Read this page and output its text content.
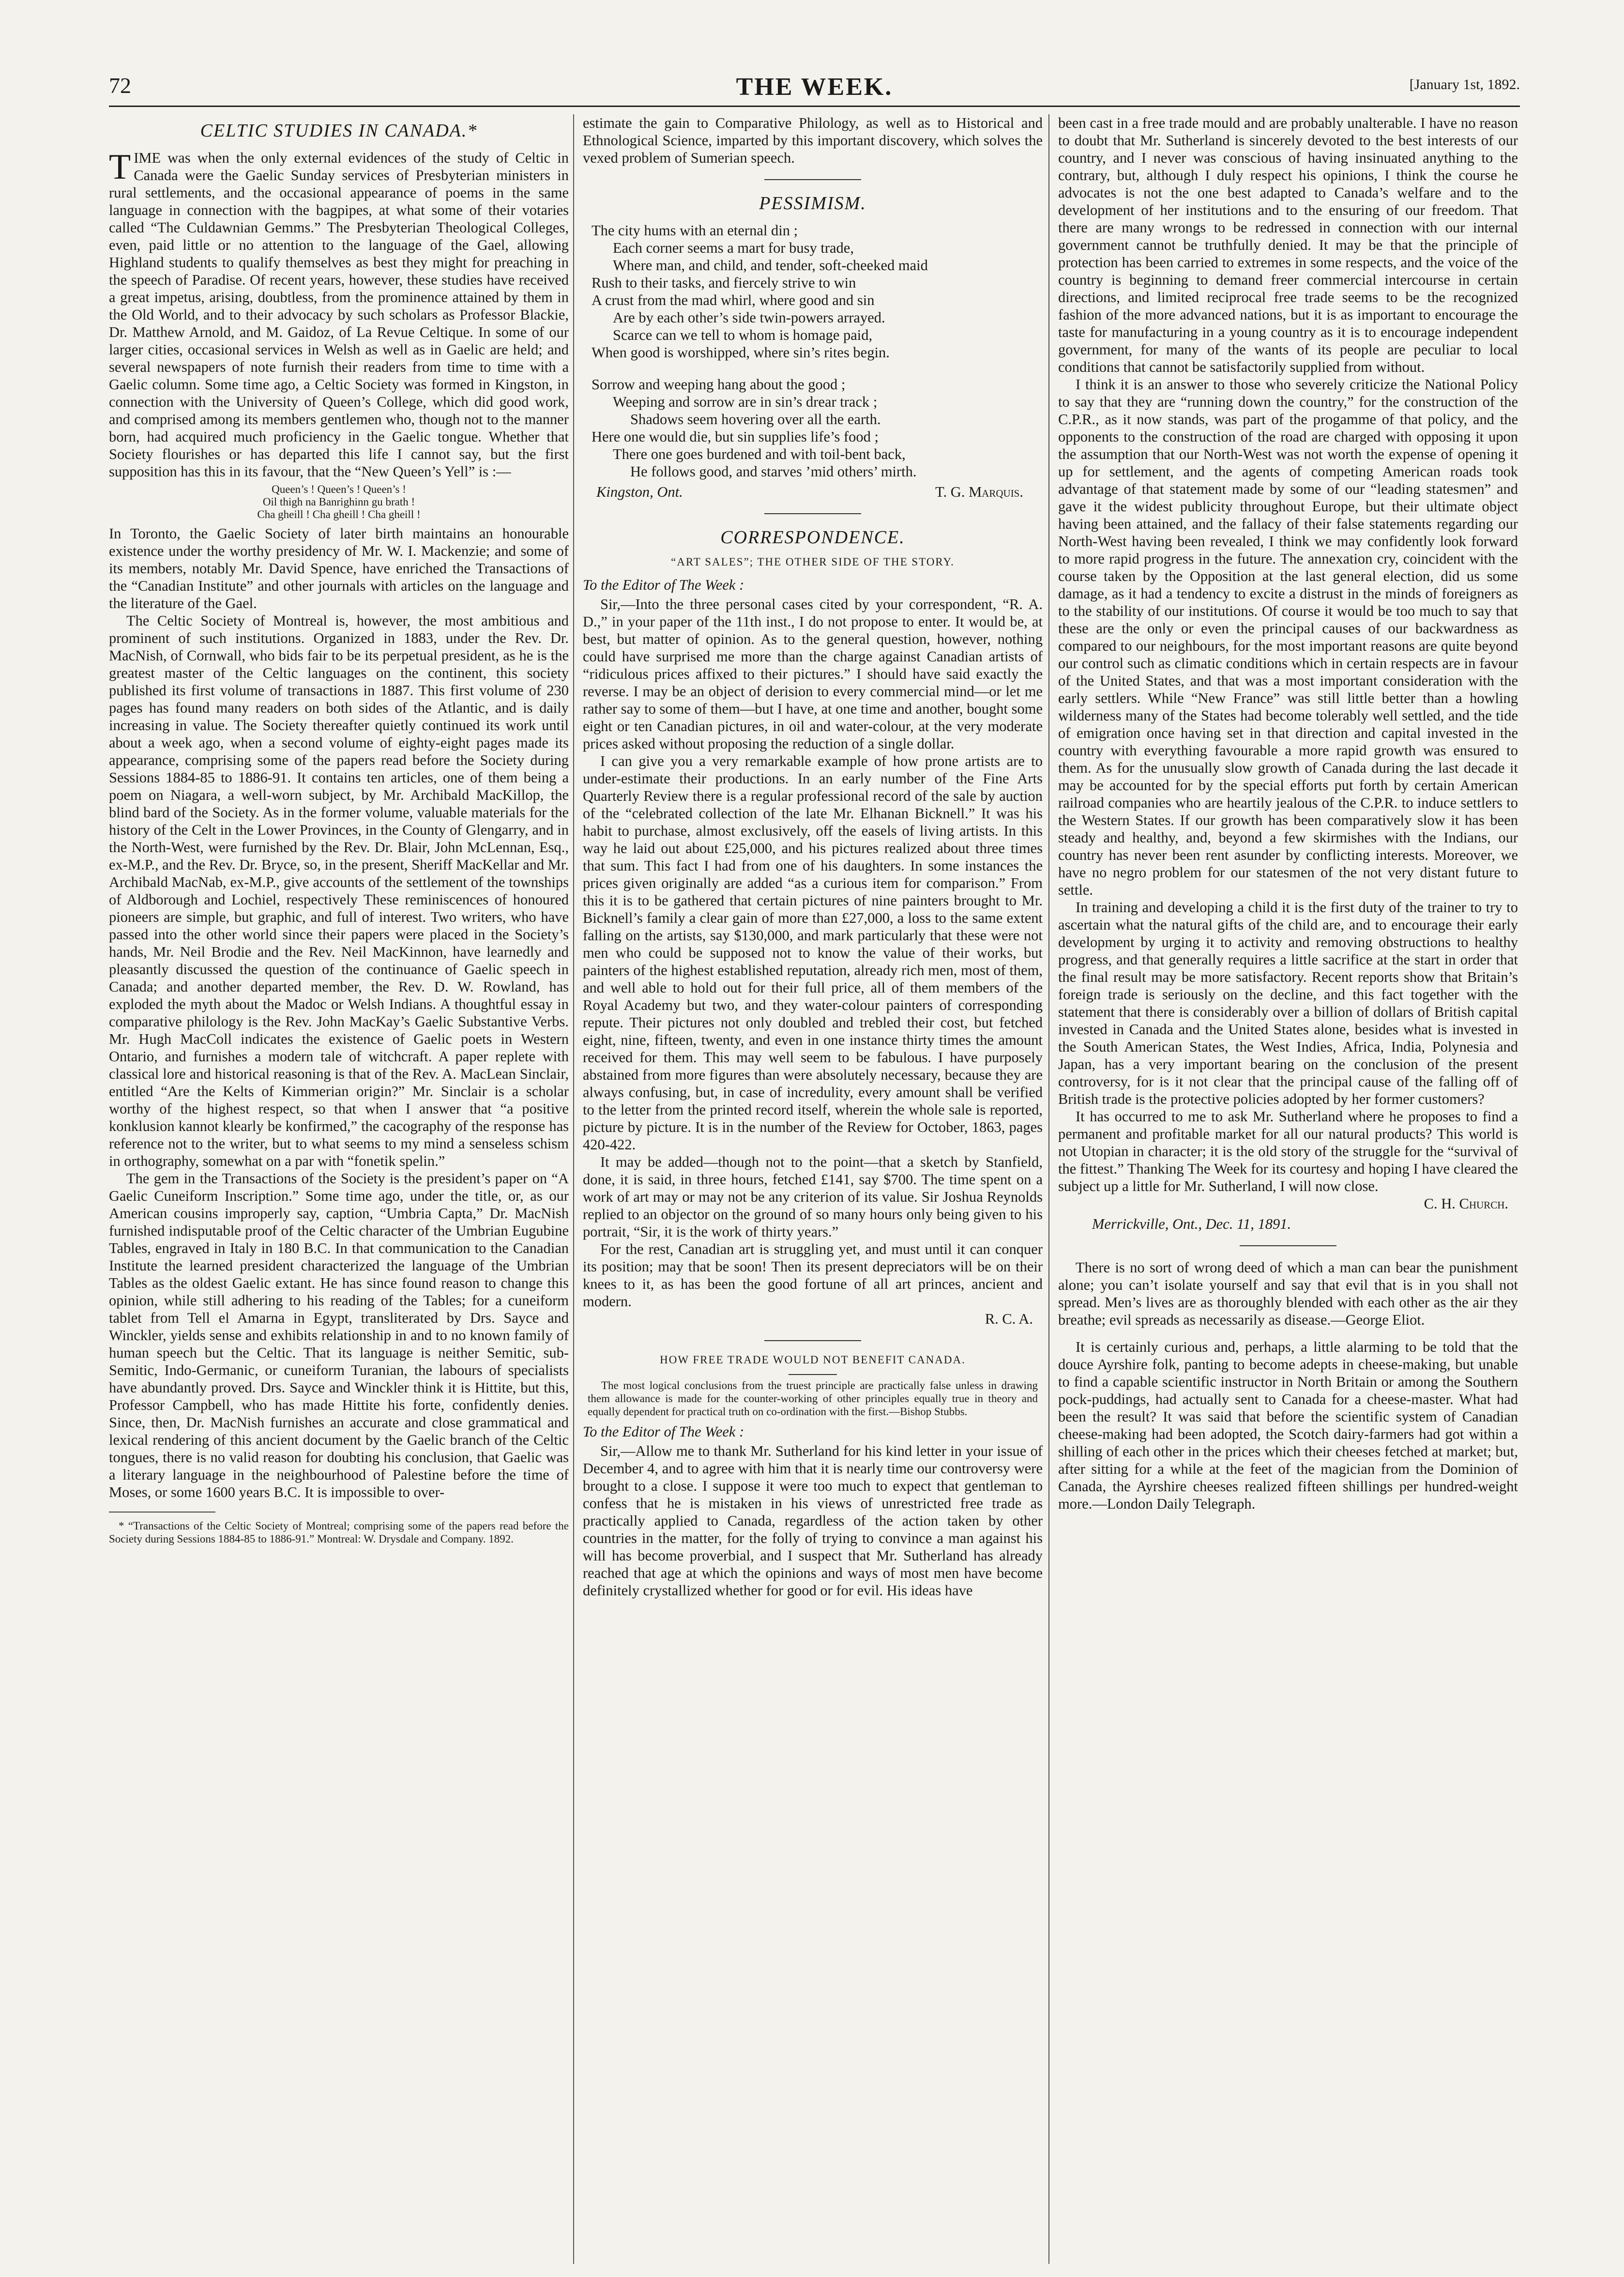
72	THE WEEK.	[January 1st, 1892.
CELTIC STUDIES IN CANADA.*

TIME was when the only external evidences of the study of Celtic in Canada were the Gaelic Sunday services of Presbyterian ministers in rural settlements, and the occasional appearance of poems in the same language in connection with the bagpipes, at what some of their votaries called “The Culdawnian Gemms.” The Presbyterian Theological Colleges, even, paid little or no attention to the language of the Gael, allowing Highland students to qualify themselves as best they might for preaching in the speech of Paradise. Of recent years, however, these studies have received a great impetus, arising, doubtless, from the prominence attained by them in the Old World, and to their advocacy by such scholars as Professor Blackie, Dr. Matthew Arnold, and M. Gaidoz, of La Revue Celtique. In some of our larger cities, occasional services in Welsh as well as in Gaelic are held; and several newspapers of note furnish their readers from time to time with a Gaelic column. Some time ago, a Celtic Society was formed in Kingston, in connection with the University of Queen’s College, which did good work, and comprised among its members gentlemen who, though not to the manner born, had acquired much proficiency in the Gaelic tongue. Whether that Society flourishes or has departed this life I cannot say, but the first supposition has this in its favour, that the “New Queen’s Yell” is :—

Queen’s ! Queen’s ! Queen’s !
Oil thigh na Banrighinn gu brath !
Cha gheill ! Cha gheill ! Cha gheill !

In Toronto, the Gaelic Society of later birth maintains an honourable existence under the worthy presidency of Mr. W. I. Mackenzie; and some of its members, notably Mr. David Spence, have enriched the Transactions of the “Canadian Institute” and other journals with articles on the language and the literature of the Gael.

The Celtic Society of Montreal is, however, the most ambitious and prominent of such institutions. Organized in 1883, under the Rev. Dr. MacNish, of Cornwall, who bids fair to be its perpetual president, as he is the greatest master of the Celtic languages on the continent, this society published its first volume of transactions in 1887. This first volume of 230 pages has found many readers on both sides of the Atlantic, and is daily increasing in value. The Society thereafter quietly continued its work until about a week ago, when a second volume of eighty-eight pages made its appearance, comprising some of the papers read before the Society during Sessions 1884-85 to 1886-91. It contains ten articles, one of them being a poem on Niagara, a well-worn subject, by Mr. Archibald MacKillop, the blind bard of the Society. As in the former volume, valuable materials for the history of the Celt in the Lower Provinces, in the County of Glengarry, and in the North-West, were furnished by the Rev. Dr. Blair, John McLennan, Esq., ex-M.P., and the Rev. Dr. Bryce, so, in the present, Sheriff MacKellar and Mr. Archibald MacNab, ex-M.P., give accounts of the settlement of the townships of Aldborough and Lochiel, respectively These reminiscences of honoured pioneers are simple, but graphic, and full of interest. Two writers, who have passed into the other world since their papers were placed in the Society’s hands, Mr. Neil Brodie and the Rev. Neil MacKinnon, have learnedly and pleasantly discussed the question of the continuance of Gaelic speech in Canada; and another departed member, the Rev. D. W. Rowland, has exploded the myth about the Madoc or Welsh Indians. A thoughtful essay in comparative philology is the Rev. John MacKay’s Gaelic Substantive Verbs. Mr. Hugh MacColl indicates the existence of Gaelic poets in Western Ontario, and furnishes a modern tale of witchcraft. A paper replete with classical lore and historical reasoning is that of the Rev. A. MacLean Sinclair, entitled “Are the Kelts of Kimmerian origin?” Mr. Sinclair is a scholar worthy of the highest respect, so that when I answer that “a positive konklusion kannot klearly be konfirmed,” the cacography of the response has reference not to the writer, but to what seems to my mind a senseless schism in orthography, somewhat on a par with “fonetik spelin.”

The gem in the Transactions of the Society is the president’s paper on “A Gaelic Cuneiform Inscription.” Some time ago, under the title, or, as our American cousins improperly say, caption, “Umbria Capta,” Dr. MacNish furnished indisputable proof of the Celtic character of the Umbrian Eugubine Tables, engraved in Italy in 180 B.C. In that communication to the Canadian Institute the learned president characterized the language of the Umbrian Tables as the oldest Gaelic extant. He has since found reason to change this opinion, while still adhering to his reading of the Tables; for a cuneiform tablet from Tell el Amarna in Egypt, transliterated by Drs. Sayce and Winckler, yields sense and exhibits relationship in and to no known family of human speech but the Celtic. That its language is neither Semitic, sub-Semitic, Indo-Germanic, or cuneiform Turanian, the labours of specialists have abundantly proved. Drs. Sayce and Winckler think it is Hittite, but this, Professor Campbell, who has made Hittite his forte, confidently denies. Since, then, Dr. MacNish furnishes an accurate and close grammatical and lexical rendering of this ancient document by the Gaelic branch of the Celtic tongues, there is no valid reason for doubting his conclusion, that Gaelic was a literary language in the neighbourhood of Palestine before the time of Moses, or some 1600 years B.C. It is impossible to over-

* “Transactions of the Celtic Society of Montreal; comprising some of the papers read before the Society during Sessions 1884-85 to 1886-91.” Montreal: W. Drysdale and Company. 1892.

estimate the gain to Comparative Philology, as well as to Historical and Ethnological Science, imparted by this important discovery, which solves the vexed problem of Sumerian speech.

PESSIMISM.
The city hums with an eternal din ;
Each corner seems a mart for busy trade,
Where man, and child, and tender, soft-cheeked maid
Rush to their tasks, and fiercely strive to win
A crust from the mad whirl, where good and sin
Are by each other’s side twin-powers arrayed.
Scarce can we tell to whom is homage paid,
When good is worshipped, where sin’s rites begin.
Sorrow and weeping hang about the good ;
Weeping and sorrow are in sin’s drear track ;
Shadows seem hovering over all the earth.
Here one would die, but sin supplies life’s food ;
There one goes burdened and with toil-bent back,
He follows good, and starves ’mid others’ mirth.
Kingston, Ont.	T. G. Marquis.
CORRESPONDENCE.
“ART SALES”; THE OTHER SIDE OF THE STORY.
To the Editor of The Week :

Sir,—Into the three personal cases cited by your correspondent, “R. A. D.,” in your paper of the 11th inst., I do not propose to enter. It would be, at best, but matter of opinion. As to the general question, however, nothing could have surprised me more than the charge against Canadian artists of “ridiculous prices affixed to their pictures.” I should have said exactly the reverse. I may be an object of derision to every commercial mind—or let me rather say to some of them—but I have, at one time and another, bought some eight or ten Canadian pictures, in oil and water-colour, at the very moderate prices asked without proposing the reduction of a single dollar.

I can give you a very remarkable example of how prone artists are to under-estimate their productions. In an early number of the Fine Arts Quarterly Review there is a regular professional record of the sale by auction of the “celebrated collection of the late Mr. Elhanan Bicknell.” It was his habit to purchase, almost exclusively, off the easels of living artists. In this way he laid out about £25,000, and his pictures realized about three times that sum. This fact I had from one of his daughters. In some instances the prices given originally are added “as a curious item for comparison.” From this it is to be gathered that certain pictures of nine painters brought to Mr. Bicknell’s family a clear gain of more than £27,000, a loss to the same extent falling on the artists, say $130,000, and mark particularly that these were not men who could be supposed not to know the value of their works, but painters of the highest established reputation, already rich men, most of them, and well able to hold out for their full price, all of them members of the Royal Academy but two, and they water-colour painters of corresponding repute. Their pictures not only doubled and trebled their cost, but fetched eight, nine, fifteen, twenty, and even in one instance thirty times the amount received for them. This may well seem to be fabulous. I have purposely abstained from more figures than were absolutely necessary, because they are always confusing, but, in case of incredulity, every amount shall be verified to the letter from the printed record itself, wherein the whole sale is reported, picture by picture. It is in the number of the Review for October, 1863, pages 420-422.

It may be added—though not to the point—that a sketch by Stanfield, done, it is said, in three hours, fetched £141, say $700. The time spent on a work of art may or may not be any criterion of its value. Sir Joshua Reynolds replied to an objector on the ground of so many hours only being given to his portrait, “Sir, it is the work of thirty years.”

For the rest, Canadian art is struggling yet, and must until it can conquer its position; may that be soon! Then its present depreciators will be on their knees to it, as has been the good fortune of all art princes, ancient and modern.

R. C. A.
HOW FREE TRADE WOULD NOT BENEFIT CANADA.
The most logical conclusions from the truest principle are practically false unless in drawing them allowance is made for the counter-working of other principles equally true in theory and equally dependent for practical truth on co-ordination with the first.—Bishop Stubbs.
To the Editor of The Week :

Sir,—Allow me to thank Mr. Sutherland for his kind letter in your issue of December 4, and to agree with him that it is nearly time our controversy were brought to a close. I suppose it were too much to expect that gentleman to confess that he is mistaken in his views of unrestricted free trade as practically applied to Canada, regardless of the action taken by other countries in the matter, for the folly of trying to convince a man against his will has become proverbial, and I suspect that Mr. Sutherland has already reached that age at which the opinions and ways of most men have become definitely crystallized whether for good or for evil. His ideas have

been cast in a free trade mould and are probably unalterable. I have no reason to doubt that Mr. Sutherland is sincerely devoted to the best interests of our country, and I never was conscious of having insinuated anything to the contrary, but, although I duly respect his opinions, I think the course he advocates is not the one best adapted to Canada’s welfare and to the development of her institutions and to the ensuring of our freedom. That there are many wrongs to be redressed in connection with our internal government cannot be truthfully denied. It may be that the principle of protection has been carried to extremes in some respects, and the voice of the country is beginning to demand freer commercial intercourse in certain directions, and limited reciprocal free trade seems to be the recognized fashion of the more advanced nations, but it is as important to encourage the taste for manufacturing in a young country as it is to encourage independent government, for many of the wants of its people are peculiar to local conditions that cannot be satisfactorily supplied from without.

I think it is an answer to those who severely criticize the National Policy to say that they are “running down the country,” for the construction of the C.P.R., as it now stands, was part of the progamme of that policy, and the opponents to the construction of the road are charged with opposing it upon the assumption that our North-West was not worth the expense of opening it up for settlement, and the agents of competing American roads took advantage of that statement made by some of our “leading statesmen” and gave it the widest publicity throughout Europe, but their ultimate object having been attained, and the fallacy of their false statements regarding our North-West having been revealed, I think we may confidently look forward to more rapid progress in the future. The annexation cry, coincident with the course taken by the Opposition at the last general election, did us some damage, as it had a tendency to excite a distrust in the minds of foreigners as to the stability of our institutions. Of course it would be too much to say that these are the only or even the principal causes of our backwardness as compared to our neighbours, for the most important reasons are quite beyond our control such as climatic conditions which in certain respects are in favour of the United States, and that was a most important consideration with the early settlers. While “New France” was still little better than a howling wilderness many of the States had become tolerably well settled, and the tide of emigration once having set in that direction and capital invested in the country with everything favourable a more rapid growth was ensured to them. As for the unusually slow growth of Canada during the last decade it may be accounted for by the special efforts put forth by certain American railroad companies who are heartily jealous of the C.P.R. to induce settlers to the Western States. If our growth has been comparatively slow it has been steady and healthy, and, beyond a few skirmishes with the Indians, our country has never been rent asunder by conflicting interests. Moreover, we have no negro problem for our statesmen of the not very distant future to settle.

In training and developing a child it is the first duty of the trainer to try to ascertain what the natural gifts of the child are, and to encourage their early development by urging it to activity and removing obstructions to healthy progress, and that generally requires a little sacrifice at the start in order that the final result may be more satisfactory. Recent reports show that Britain’s foreign trade is seriously on the decline, and this fact together with the statement that there is considerably over a billion of dollars of British capital invested in Canada and the United States alone, besides what is invested in the South American States, the West Indies, Africa, India, Polynesia and Japan, has a very important bearing on the conclusion of the present controversy, for is it not clear that the principal cause of the falling off of British trade is the protective policies adopted by her former customers?

It has occurred to me to ask Mr. Sutherland where he proposes to find a permanent and profitable market for all our natural products? This world is not Utopian in character; it is the old story of the struggle for the “survival of the fittest.” Thanking The Week for its courtesy and hoping I have cleared the subject up a little for Mr. Sutherland, I will now close.

C. H. Church.
Merrickville, Ont., Dec. 11, 1891.

There is no sort of wrong deed of which a man can bear the punishment alone; you can’t isolate yourself and say that evil that is in you shall not spread. Men’s lives are as thoroughly blended with each other as the air they breathe; evil spreads as necessarily as disease.—George Eliot.

It is certainly curious and, perhaps, a little alarming to be told that the douce Ayrshire folk, panting to become adepts in cheese-making, but unable to find a capable scientific instructor in North Britain or among the Southern pock-puddings, had actually sent to Canada for a cheese-master. What had been the result? It was said that before the scientific system of Canadian cheese-making had been adopted, the Scotch dairy-farmers had got within a shilling of each other in the prices which their cheeses fetched at market; but, after sitting for a while at the feet of the magician from the Dominion of Canada, the Ayrshire cheeses realized fifteen shillings per hundred-weight more.—London Daily Telegraph.
